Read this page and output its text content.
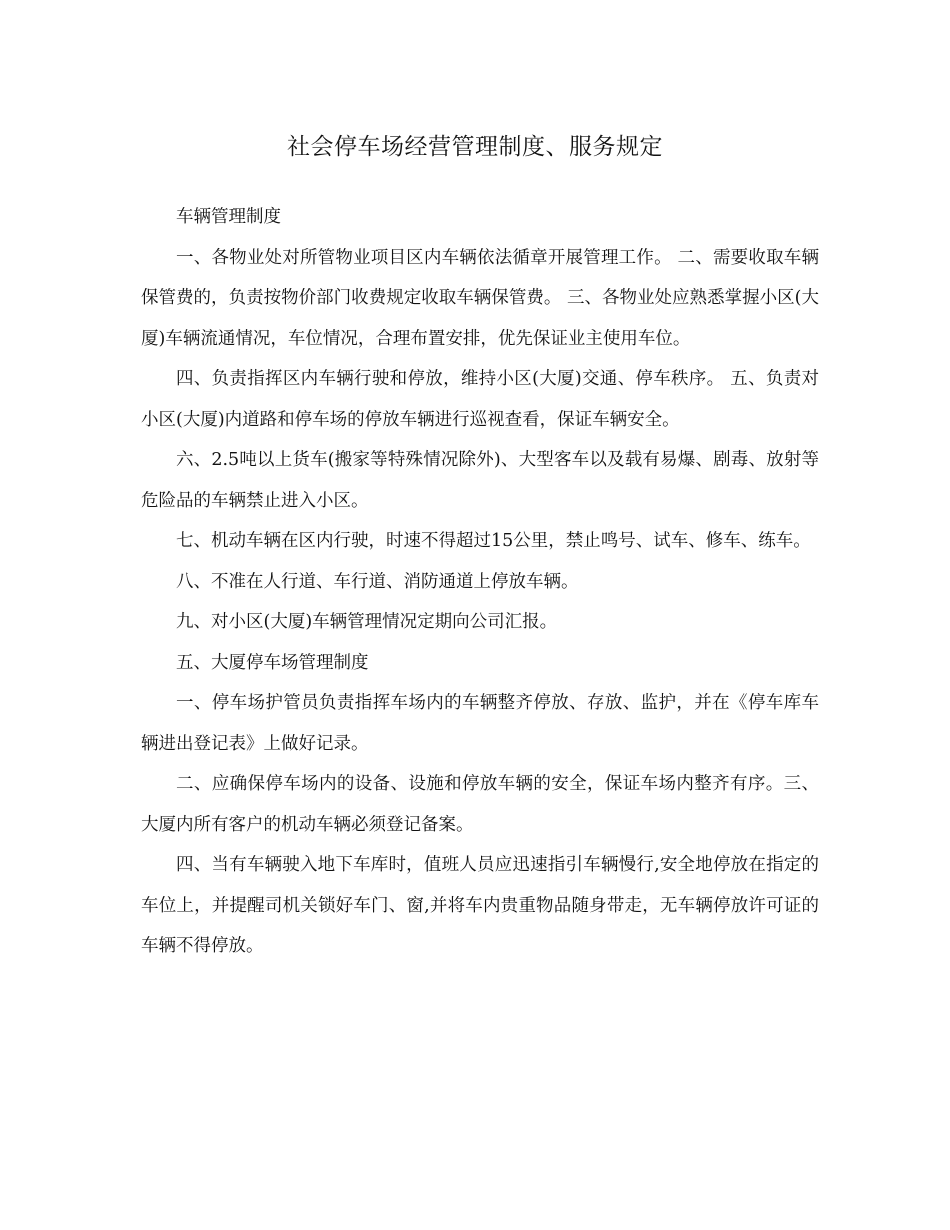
社会停车场经营管理制度、服务规定

车辆管理制度

一、各物业处对所管物业项目区内车辆依法循章开展管理工作。 二、需要收取车辆保管费的，负责按物价部门收费规定收取车辆保管费。 三、各物业处应熟悉掌握小区(大厦)车辆流通情况，车位情况，合理布置安排，优先保证业主使用车位。

四、负责指挥区内车辆行驶和停放，维持小区(大厦)交通、停车秩序。 五、负责对小区(大厦)内道路和停车场的停放车辆进行巡视查看，保证车辆安全。

六、2.5吨以上货车(搬家等特殊情况除外)、大型客车以及载有易爆、剧毒、放射等危险品的车辆禁止进入小区。

七、机动车辆在区内行驶，时速不得超过15公里，禁止鸣号、试车、修车、练车。

八、不准在人行道、车行道、消防通道上停放车辆。

九、对小区(大厦)车辆管理情况定期向公司汇报。

五、大厦停车场管理制度

一、停车场护管员负责指挥车场内的车辆整齐停放、存放、监护，并在《停车库车辆进出登记表》上做好记录。

二、应确保停车场内的设备、设施和停放车辆的安全，保证车场内整齐有序。三、大厦内所有客户的机动车辆必须登记备案。

四、当有车辆驶入地下车库时，值班人员应迅速指引车辆慢行,安全地停放在指定的车位上，并提醒司机关锁好车门、窗,并将车内贵重物品随身带走，无车辆停放许可证的车辆不得停放。
